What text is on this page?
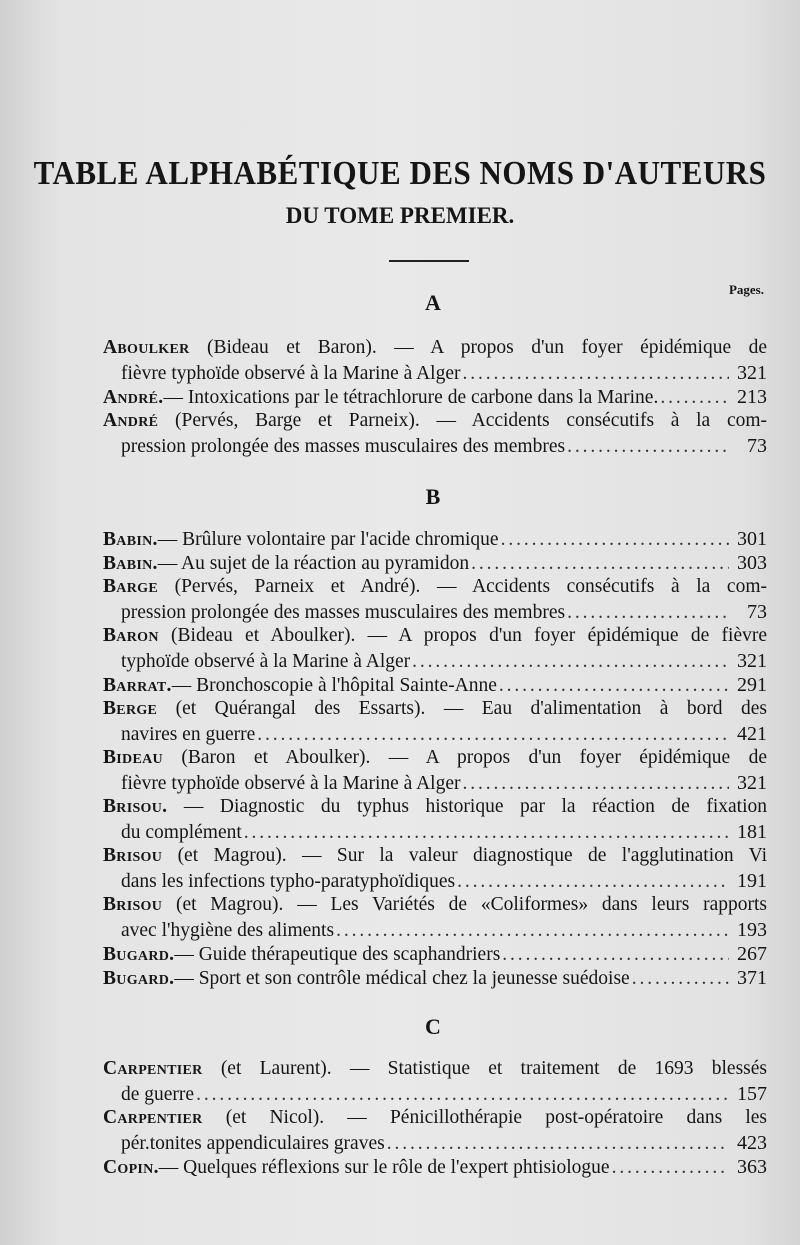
TABLE ALPHABÉTIQUE DES NOMS D'AUTEURS
DU TOME PREMIER.
Pages.
A
Aboulker (Bideau et Baron). — A propos d'un foyer épidémique de
fièvre typhoïde observé à la Marine à Alger . . .	321
André. — Intoxications par le tétrachlorure de carbone dans la Marine. . . .	213
André (Pervés, Barge et Parneix). — Accidents consécutifs à la com-
pression prolongée des masses musculaires des membres . . .	73
B
Babin. — Brûlure volontaire par l'acide chromique . . .	301
Babin. — Au sujet de la réaction au pyramidon . . .	303
Barge (Pervés, Parneix et André). — Accidents consécutifs à la com-
pression prolongée des masses musculaires des membres . . .	73
Baron (Bideau et Aboulker). — A propos d'un foyer épidémique de fièvre
typhoïde observé à la Marine à Alger . . .	321
Barrat. — Bronchoscopie à l'hôpital Sainte-Anne . . .	291
Berge (et Quérangal des Essarts). — Eau d'alimentation à bord des
navires en guerre . . .	421
Bideau (Baron et Aboulker). — A propos d'un foyer épidémique de
fièvre typhoïde observé à la Marine à Alger . . .	321
Brisou. — Diagnostic du typhus historique par la réaction de fixation
du complément . . .	181
Brisou (et Magrou). — Sur la valeur diagnostique de l'agglutination Vi
dans les infections typho-paratyphoïdiques . . .	191
Brisou (et Magrou). — Les Variétés de «Coliformes» dans leurs rapports
avec l'hygiène des aliments . . .	193
Bugard. — Guide thérapeutique des scaphandriers . . .	267
Bugard. — Sport et son contrôle médical chez la jeunesse suédoise . . .	371
C
Carpentier (et Laurent). — Statistique et traitement de 1693 blessés
de guerre . . .	157
Carpentier (et Nicol). — Pénicillothérapie post-opératoire dans les
pér.tonites appendiculaires graves . . .	423
Copin. — Quelques réflexions sur le rôle de l'expert phtisiologue . . .	363
